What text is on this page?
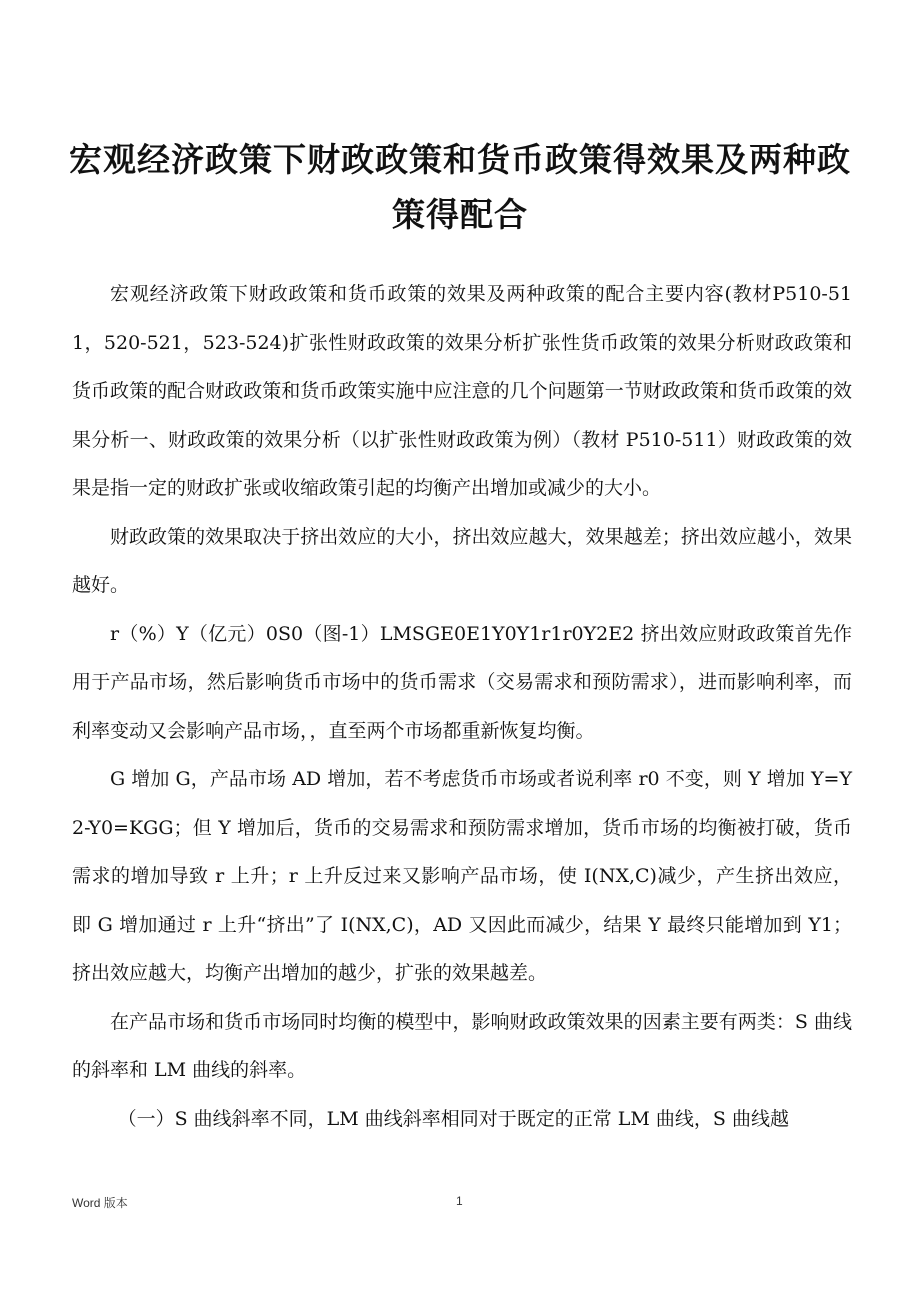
宏观经济政策下财政政策和货币政策得效果及两种政策得配合

宏观经济政策下财政政策和货币政策的效果及两种政策的配合主要内容(教材P510-511，520-521，523-524)扩张性财政政策的效果分析扩张性货币政策的效果分析财政政策和货币政策的配合财政政策和货币政策实施中应注意的几个问题第一节财政政策和货币政策的效果分析一、财政政策的效果分析（以扩张性财政政策为例）（教材 P510-511）财政政策的效果是指一定的财政扩张或收缩政策引起的均衡产出增加或减少的大小。

财政政策的效果取决于挤出效应的大小，挤出效应越大，效果越差；挤出效应越小，效果越好。

r（%）Y（亿元）0S0（图-1）LMSGE0E1Y0Y1r1r0Y2E2 挤出效应财政政策首先作用于产品市场，然后影响货币市场中的货币需求（交易需求和预防需求），进而影响利率，而利率变动又会影响产品市场，，直至两个市场都重新恢复均衡。

G 增加 G，产品市场 AD 增加，若不考虑货币市场或者说利率 r0 不变，则 Y 增加 Y=Y2-Y0=KGG；但 Y 增加后，货币的交易需求和预防需求增加，货币市场的均衡被打破，货币需求的增加导致 r 上升；r 上升反过来又影响产品市场，使 I(NX,C)减少，产生挤出效应，即 G 增加通过 r 上升“挤出”了 I(NX,C)，AD 又因此而减少，结果 Y 最终只能增加到 Y1；挤出效应越大，均衡产出增加的越少，扩张的效果越差。

在产品市场和货币市场同时均衡的模型中，影响财政政策效果的因素主要有两类：S 曲线的斜率和 LM 曲线的斜率。

（一）S 曲线斜率不同，LM 曲线斜率相同对于既定的正常 LM 曲线，S 曲线越

Word 版本	1
